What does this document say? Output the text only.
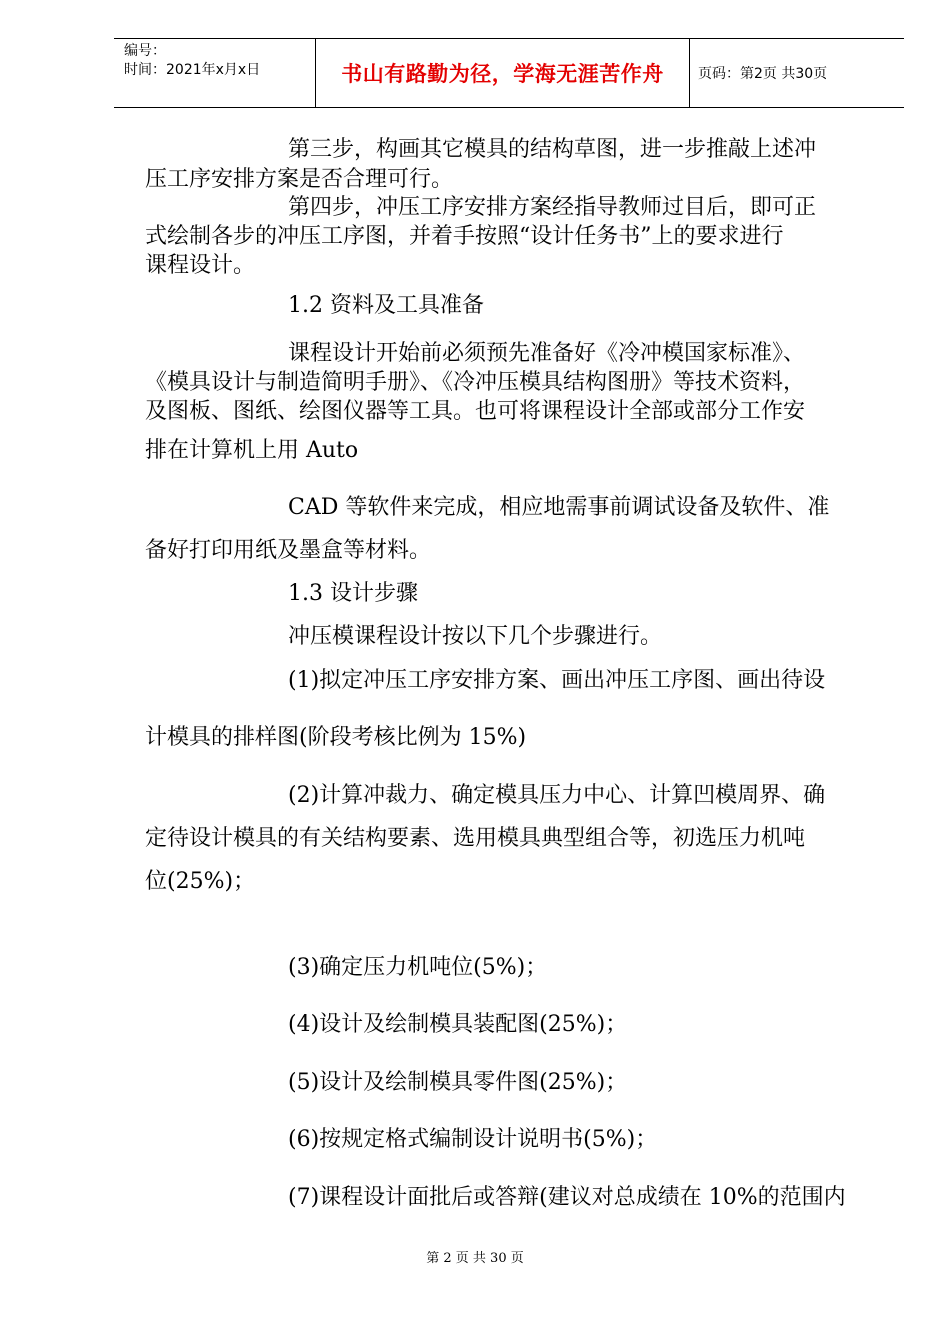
编号：
时间：2021年x月x日	书山有路勤为径，学海无涯苦作舟	页码：第2页 共30页
第三步，构画其它模具的结构草图，进一步推敲上述冲
压工序安排方案是否合理可行。
第四步，冲压工序安排方案经指导教师过目后，即可正
式绘制各步的冲压工序图，并着手按照“设计任务书”上的要求进行
课程设计。
1.2 资料及工具准备
课程设计开始前必须预先准备好《冷冲模国家标准》、
《模具设计与制造简明手册》、《冷冲压模具结构图册》等技术资料，
及图板、图纸、绘图仪器等工具。也可将课程设计全部或部分工作安
排在计算机上用 Auto
CAD 等软件来完成，相应地需事前调试设备及软件、准
备好打印用纸及墨盒等材料。
1.3 设计步骤
冲压模课程设计按以下几个步骤进行。
(1)拟定冲压工序安排方案、画出冲压工序图、画出待设
计模具的排样图(阶段考核比例为 15%)
(2)计算冲裁力、确定模具压力中心、计算凹模周界、确
定待设计模具的有关结构要素、选用模具典型组合等，初选压力机吨
位(25%)；
(3)确定压力机吨位(5%)；
(4)设计及绘制模具装配图(25%)；
(5)设计及绘制模具零件图(25%)；
(6)按规定格式编制设计说明书(5%)；
(7)课程设计面批后或答辩(建议对总成绩在 10%的范围内
第 2 页 共 30 页
